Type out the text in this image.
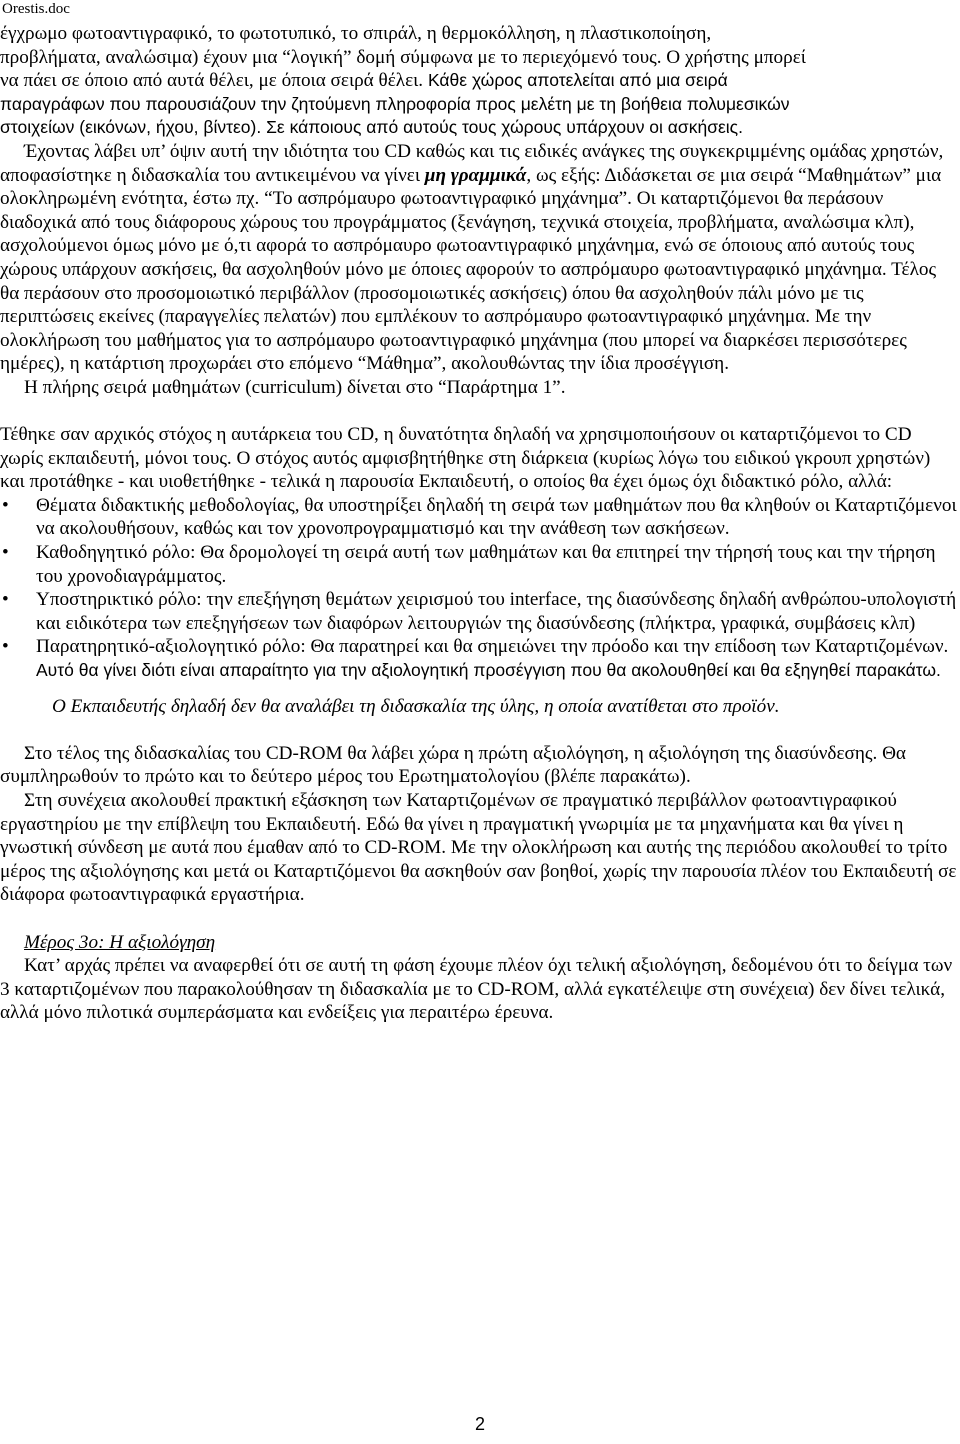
Orestis.doc

έγχρωμο φωτοαντιγραφικό, το φωτοτυπικό, το σπιράλ, η θερμοκόλληση, η πλαστικοποίηση,
προβλήματα, αναλώσιμα) έχουν μια “λογική” δομή σύμφωνα με το περιεχόμενό τους. Ο χρήστης μπορεί
να πάει σε όποιο από αυτά θέλει, με όποια σειρά θέλει. Κάθε χώρος αποτελείται από μια σειρά
παραγράφων που παρουσιάζουν την ζητούμενη πληροφορία προς μελέτη με τη βοήθεια πολυμεσικών
στοιχείων (εικόνων, ήχου, βίντεο). Σε κάποιους από αυτούς τους χώρους υπάρχουν οι ασκήσεις.

Έχοντας λάβει υπ’ όψιν αυτή την ιδιότητα του CD καθώς και τις ειδικές ανάγκες της συγκεκριμμένης ομάδας χρηστών, αποφασίστηκε η διδασκαλία του αντικειμένου να γίνει μη γραμμικά, ως εξής: Διδάσκεται σε μια σειρά “Μαθημάτων” μια ολοκληρωμένη ενότητα, έστω πχ. “Το ασπρόμαυρο φωτοαντιγραφικό μηχάνημα”. Οι καταρτιζόμενοι θα περάσουν διαδοχικά από τους διάφορους χώρους του προγράμματος (ξενάγηση, τεχνικά στοιχεία, προβλήματα, αναλώσιμα κλπ), ασχολούμενοι όμως μόνο με ό,τι αφορά το ασπρόμαυρο φωτοαντιγραφικό μηχάνημα, ενώ σε όποιους από αυτούς τους χώρους υπάρχουν ασκήσεις, θα ασχοληθούν μόνο με όποιες αφορούν το ασπρόμαυρο φωτοαντιγραφικό μηχάνημα. Τέλος θα περάσουν στο προσομοιωτικό περιβάλλον (προσομοιωτικές ασκήσεις) όπου θα ασχοληθούν πάλι μόνο με τις περιπτώσεις εκείνες (παραγγελίες πελατών) που εμπλέκουν το ασπρόμαυρο φωτοαντιγραφικό μηχάνημα. Με την ολοκλήρωση του μαθήματος για το ασπρόμαυρο φωτοαντιγραφικό μηχάνημα (που μπορεί να διαρκέσει περισσότερες ημέρες), η κατάρτιση προχωράει στο επόμενο “Μάθημα”, ακολουθώντας την ίδια προσέγγιση.

Η πλήρης σειρά μαθημάτων (curriculum) δίνεται στο “Παράρτημα 1”.

Τέθηκε σαν αρχικός στόχος η αυτάρκεια του CD, η δυνατότητα δηλαδή να χρησιμοποιήσουν οι καταρτιζόμενοι το CD χωρίς εκπαιδευτή, μόνοι τους. Ο στόχος αυτός αμφισβητήθηκε στη διάρκεια (κυρίως λόγω του ειδικού γκρουπ χρηστών) και προτάθηκε - και υιοθετήθηκε - τελικά η παρουσία Εκπαιδευτή, ο οποίος θα έχει όμως όχι διδακτικό ρόλο, αλλά:

• Θέματα διδακτικής μεθοδολογίας, θα υποστηρίξει δηλαδή τη σειρά των μαθημάτων που θα κληθούν οι Καταρτιζόμενοι να ακολουθήσουν, καθώς και τον χρονοπρογραμματισμό και την ανάθεση των ασκήσεων.
• Καθοδηγητικό ρόλο: Θα δρομολογεί τη σειρά αυτή των μαθημάτων και θα επιτηρεί την τήρησή τους και την τήρηση του χρονοδιαγράμματος.
• Υποστηρικτικό ρόλο: την επεξήγηση θεμάτων χειρισμού του interface, της διασύνδεσης δηλαδή ανθρώπου-υπολογιστή και ειδικότερα των επεξηγήσεων των διαφόρων λειτουργιών της διασύνδεσης (πλήκτρα, γραφικά, συμβάσεις κλπ)
• Παρατηρητικό-αξιολογητικό ρόλο: Θα παρατηρεί και θα σημειώνει την πρόοδο και την επίδοση των Καταρτιζομένων. Αυτό θα γίνει διότι είναι απαραίτητο για την αξιολογητική προσέγγιση που θα ακολουθηθεί και θα εξηγηθεί παρακάτω.

Ο Εκπαιδευτής δηλαδή δεν θα αναλάβει τη διδασκαλία της ύλης, η οποία ανατίθεται στο προϊόν.

Στο τέλος της διδασκαλίας του CD-ROM θα λάβει χώρα η πρώτη αξιολόγηση, η αξιολόγηση της διασύνδεσης. Θα συμπληρωθούν το πρώτο και το δεύτερο μέρος του Ερωτηματολογίου (βλέπε παρακάτω).

Στη συνέχεια ακολουθεί πρακτική εξάσκηση των Καταρτιζομένων σε πραγματικό περιβάλλον φωτοαντιγραφικού εργαστηρίου με την επίβλεψη του Εκπαιδευτή. Εδώ θα γίνει η πραγματική γνωριμία με τα μηχανήματα και θα γίνει η γνωστική σύνδεση με αυτά που έμαθαν από το CD-ROM. Με την ολοκλήρωση και αυτής της περιόδου ακολουθεί το τρίτο μέρος της αξιολόγησης και μετά οι Καταρτιζόμενοι θα ασκηθούν σαν βοηθοί, χωρίς την παρουσία πλέον του Εκπαιδευτή σε διάφορα φωτοαντιγραφικά εργαστήρια.

Μέρος 3ο: Η αξιολόγηση

Κατ’ αρχάς πρέπει να αναφερθεί ότι σε αυτή τη φάση έχουμε πλέον όχι τελική αξιολόγηση, δεδομένου ότι το δείγμα των 3 καταρτιζομένων που παρακολούθησαν τη διδασκαλία με το CD-ROM, αλλά εγκατέλειψε στη συνέχεια) δεν δίνει τελικά, αλλά μόνο πιλοτικά συμπεράσματα και ενδείξεις για περαιτέρω έρευνα.

2
